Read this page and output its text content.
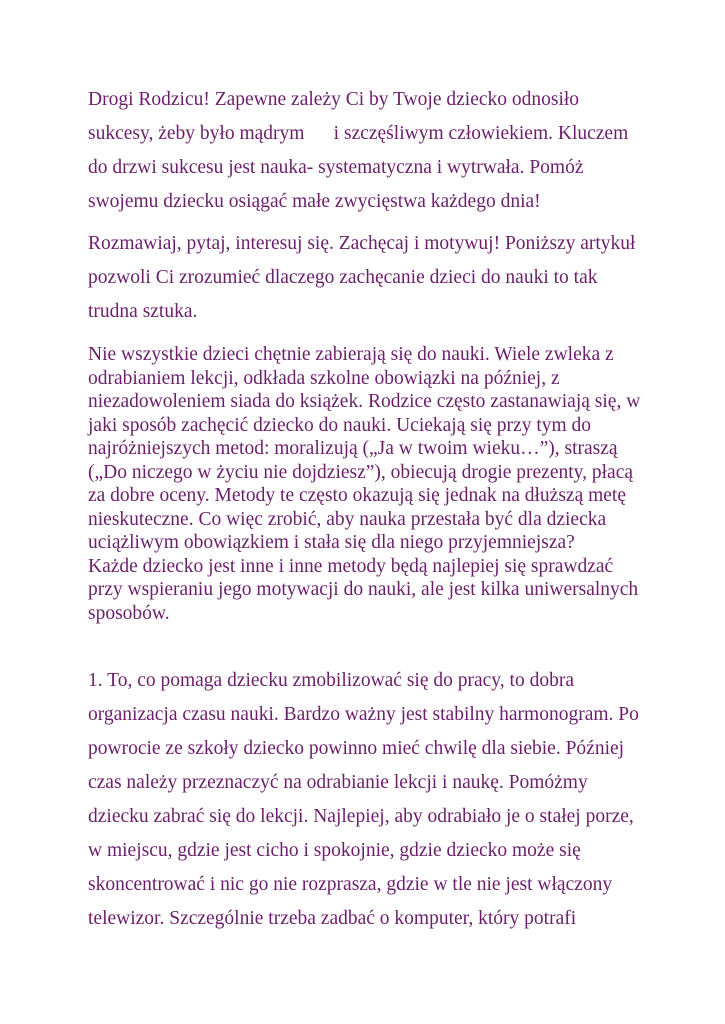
Drogi Rodzicu! Zapewne zależy Ci by Twoje dziecko odnosiło
sukcesy, żeby było mądrym      i szczęśliwym człowiekiem. Kluczem
do drzwi sukcesu jest nauka- systematyczna i wytrwała. Pomóż
swojemu dziecku osiągać małe zwycięstwa każdego dnia!

Rozmawiaj, pytaj, interesuj się. Zachęcaj i motywuj! Poniższy artykuł
pozwoli Ci zrozumieć dlaczego zachęcanie dzieci do nauki to tak
trudna sztuka.

Nie wszystkie dzieci chętnie zabierają się do nauki. Wiele zwleka z
odrabianiem lekcji, odkłada szkolne obowiązki na później, z
niezadowoleniem siada do książek. Rodzice często zastanawiają się, w
jaki sposób zachęcić dziecko do nauki. Uciekają się przy tym do
najróżniejszych metod: moralizują („Ja w twoim wieku…”), straszą
(„Do niczego w życiu nie dojdziesz”), obiecują drogie prezenty, płacą
za dobre oceny. Metody te często okazują się jednak na dłuższą metę
nieskuteczne. Co więc zrobić, aby nauka przestała być dla dziecka
uciążliwym obowiązkiem i stała się dla niego przyjemniejsza?
Każde dziecko jest inne i inne metody będą najlepiej się sprawdzać
przy wspieraniu jego motywacji do nauki, ale jest kilka uniwersalnych
sposobów.

1. To, co pomaga dziecku zmobilizować się do pracy, to dobra
organizacja czasu nauki. Bardzo ważny jest stabilny harmonogram. Po
powrocie ze szkoły dziecko powinno mieć chwilę dla siebie. Później
czas należy przeznaczyć na odrabianie lekcji i naukę. Pomóżmy
dziecku zabrać się do lekcji. Najlepiej, aby odrabiało je o stałej porze,
w miejscu, gdzie jest cicho i spokojnie, gdzie dziecko może się
skoncentrować i nic go nie rozprasza, gdzie w tle nie jest włączony
telewizor. Szczególnie trzeba zadbać o komputer, który potrafi
